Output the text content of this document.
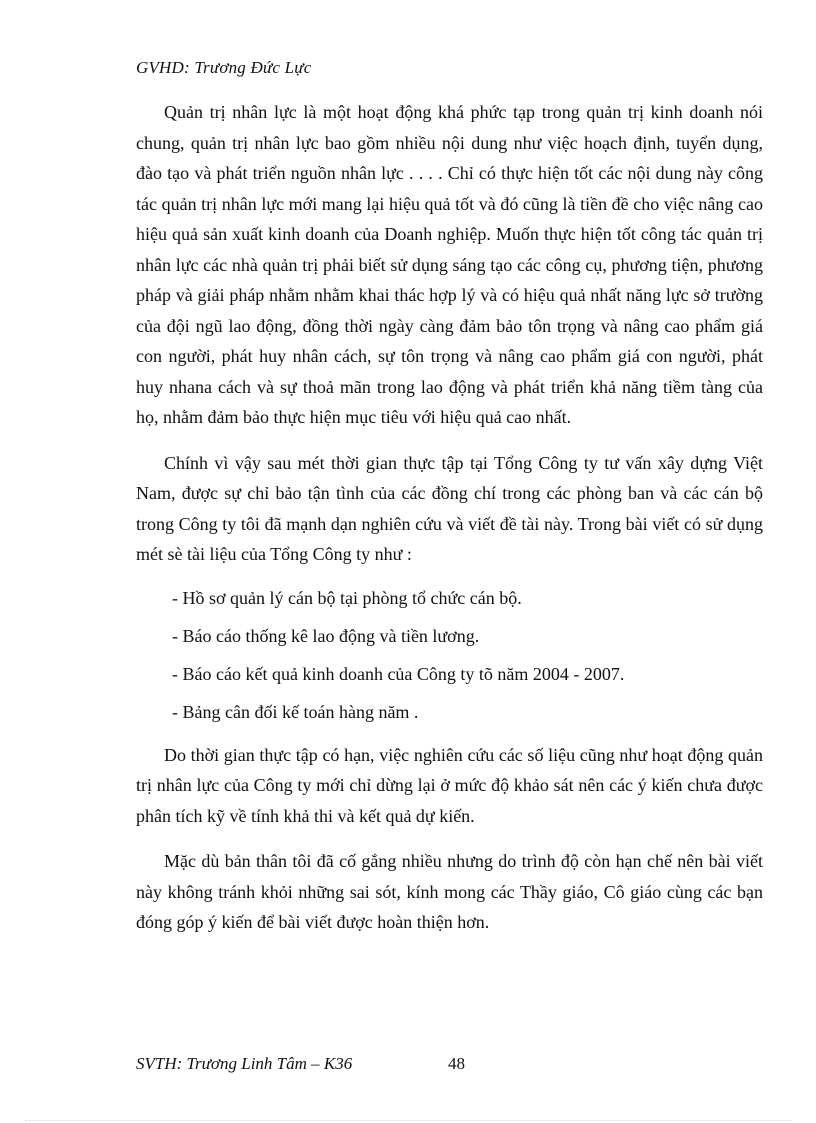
GVHD: Trương Đức Lực

Quản trị nhân lực là một hoạt động khá phức tạp trong quản trị kinh doanh nói chung, quản trị nhân lực bao gồm nhiều nội dung như việc hoạch định, tuyển dụng, đào tạo và phát triển nguồn nhân lực . . . . Chỉ có thực hiện tốt các nội dung này công tác quản trị nhân lực mới mang lại hiệu quả tốt và đó cũng là tiền đề cho việc nâng cao hiệu quả sản xuất kinh doanh của Doanh nghiệp. Muốn thực hiện tốt công tác quản trị nhân lực các nhà quản trị phải biết sử dụng sáng tạo các công cụ, phương tiện, phương pháp và giải pháp nhằm nhằm khai thác hợp lý và có hiệu quả nhất năng lực sở trường của đội ngũ lao động, đồng thời ngày càng đảm bảo tôn trọng và nâng cao phẩm giá con người, phát huy nhân cách, sự tôn trọng và nâng cao phẩm giá con người, phát huy nhana cách và sự thoả mãn trong lao động và phát triển khả năng tiềm tàng của họ, nhằm đảm bảo thực hiện mục tiêu với hiệu quả cao nhất.

Chính vì vậy sau mét thời gian thực tập tại Tổng Công ty tư vấn xây dựng Việt Nam, được sự chỉ bảo tận tình của các đồng chí trong các phòng ban và các cán bộ trong Công ty tôi đã mạnh dạn nghiên cứu và viết đề tài này. Trong bài viết có sử dụng mét sè tài liệu của Tổng Công ty như :

- Hồ sơ quản lý cán bộ tại phòng tổ chức cán bộ.
- Báo cáo thống kê lao động và tiền lương.
- Báo cáo kết quả kinh doanh của Công ty tõ năm 2004 - 2007.
- Bảng cân đối kế toán hàng năm .

Do thời gian thực tập có hạn, việc nghiên cứu các số liệu cũng như hoạt động quản trị nhân lực của Công ty mới chỉ dừng lại ở mức độ khảo sát nên các ý kiến chưa được phân tích kỹ về tính khả thi và kết quả dự kiến.

Mặc dù bản thân tôi đã cố gắng nhiều nhưng do trình độ còn hạn chế nên bài viết này không tránh khỏi những sai sót, kính mong các Thầy giáo, Cô giáo cùng các bạn đóng góp ý kiến để bài viết được hoàn thiện hơn.

SVTH: Trương Linh Tâm – K36	48
